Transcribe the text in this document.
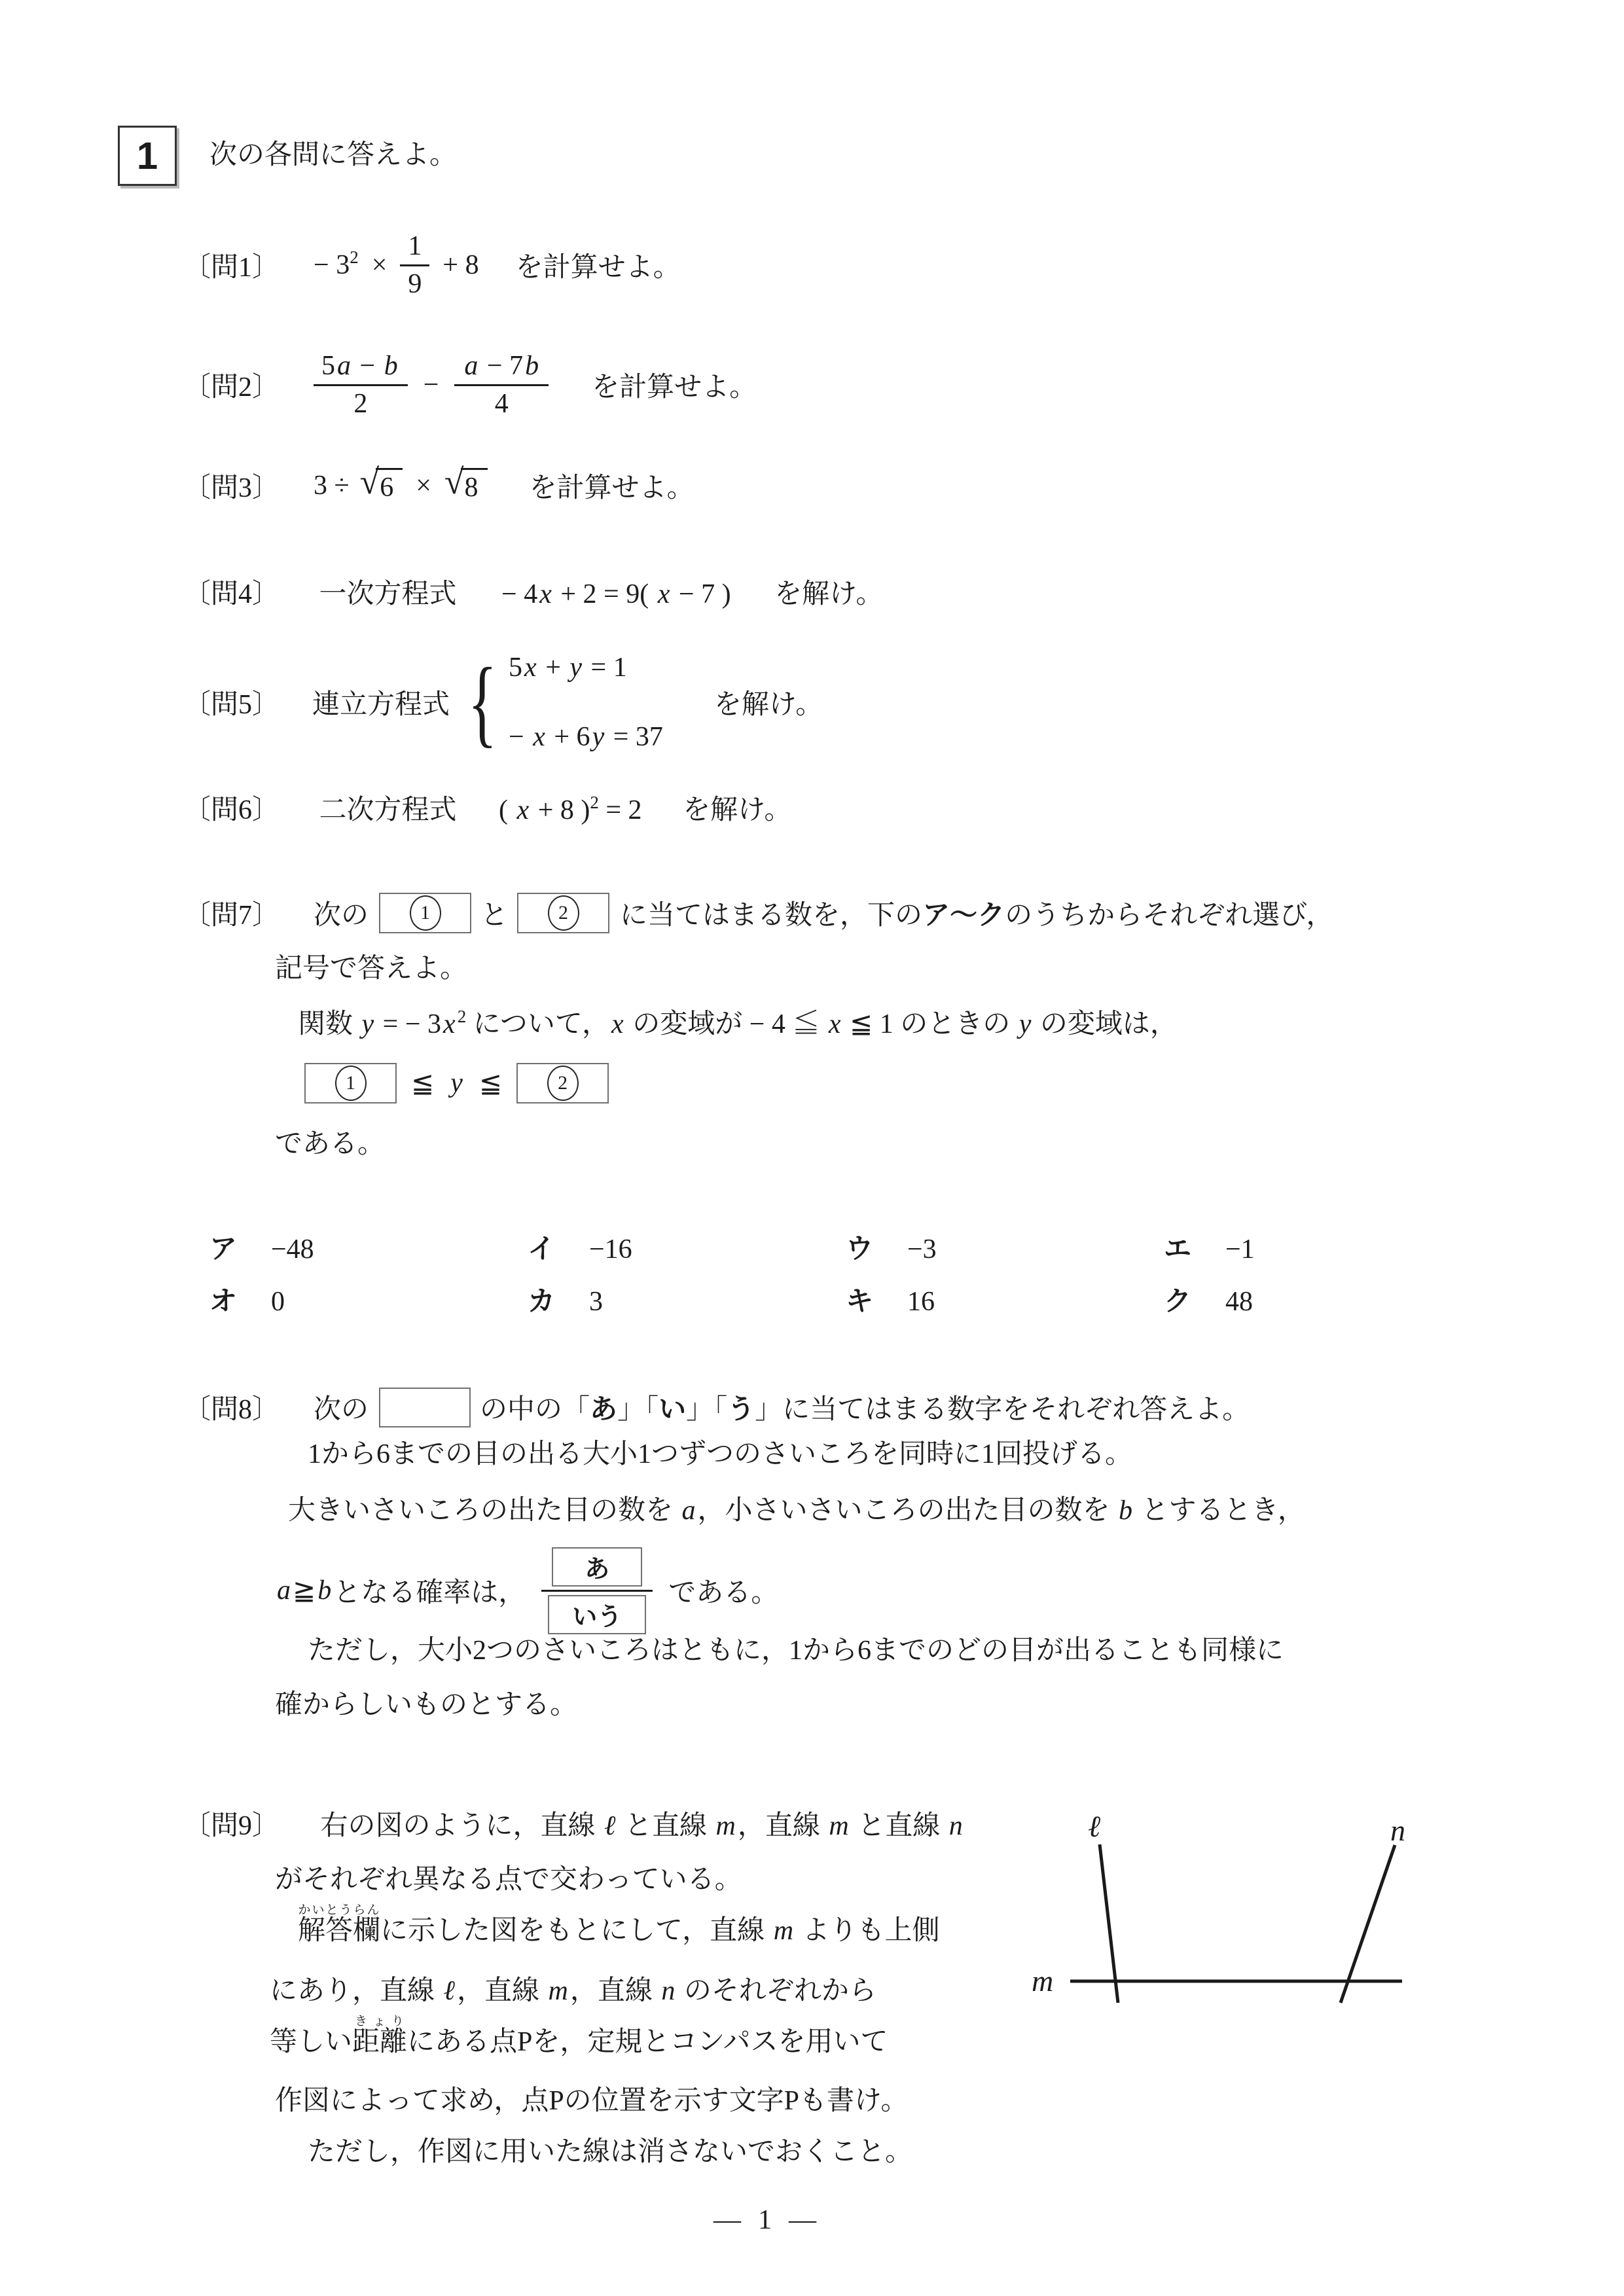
1 次の各問に答えよ。
〔問1〕 − $3^2 \times \frac{1}{9} + 8$ を計算せよ。
〔問2〕 $\frac{5a - b}{2} - \frac{a - 7b}{4}$ を計算せよ。
〔問3〕 3 ÷ √ 6 × √ 8	を計算せよ。
〔問4〕 一次方程式 − 4x + 2 = 9( x − 7 ) を解け。
〔問5〕 連立方程式 { 5x + y = 1
− x + 6y = 37
を解け。
〔問6〕 二次方程式 ( x + 8 )$^2$ = 2 を解け。
〔問7〕 次の	1	と	2	に当てはまる数を，下のア～クのうちからそれぞれ選び，
記号で答えよ。
関数 y = − 3x $^2$ について，x の変域が − 4 ≦ x ≦ 1 のときの y の変域は，
1	≦ y ≦	2
である。
ア	−48	イ	−16	ウ	−3	エ	−1
オ	0	カ	3	キ	16	ク	48
〔問8〕 次の	の中の「あ」「い」「う」に当てはまる数字をそれぞれ答えよ。
1から6までの目の出る大小1つずつのさいころを同時に1回投げる。
大きいさいころの出た目の数を a，小さいさいころの出た目の数を b とするとき，
a ≧ b となる確率は，
あ
いう
である。
ただし，大小2つのさいころはともに，1から6までのどの目が出ることも同様に
確からしいものとする。
〔問9〕 右の図のように，直線 ℓ と直線 m，直線 m と直線 n
がそれぞれ異なる点で交わっている。
解答欄かいとうらんに示した図をもとにして，直線 m よりも上側
にあり，直線 ℓ，直線 m，直線 n のそれぞれから
等しい距離きょりにある点Pを，定規とコンパスを用いて
作図によって求め，点Pの位置を示す文字Pも書け。
ただし，作図に用いた線は消さないでおくこと。
ℓ	n
m
— 1 —
